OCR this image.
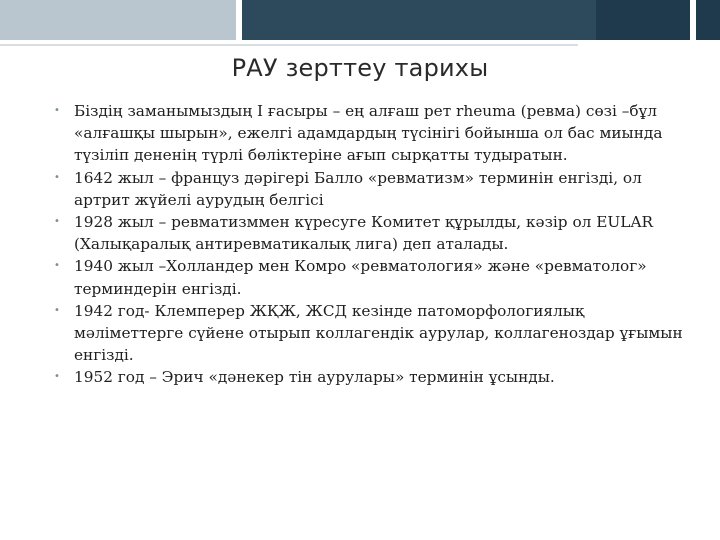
РАУ зерттеу тарихы
• Біздің заманымыздың І ғасыры – ең алғаш рет rheuma (ревма) сөзі –бұл «алғашқы шырын», ежелгі адамдардың түсінігі бойынша ол бас миында түзіліп дененің түрлі бөліктеріне ағып сырқатты тудыратын.
• 1642 жыл – француз дәрігері Балло «ревматизм» терминін енгізді, ол артрит жүйелі аурудың белгісі
• 1928 жыл – ревматизммен күресуге Комитет құрылды, кәзір ол EULAR (Халықаралық антиревматикалық лига) деп аталады.
• 1940 жыл –Холландер мен Комро «ревматология» және «ревматолог» терминдерін енгізді.
• 1942 год- Клемперер ЖҚЖ, ЖСД кезінде патоморфологиялық мәліметтерге сүйене отырып коллагендік аурулар, коллагеноздар ұғымын енгізді.
• 1952 год – Эрич «дәнекер тін аурулары» терминін ұсынды.
